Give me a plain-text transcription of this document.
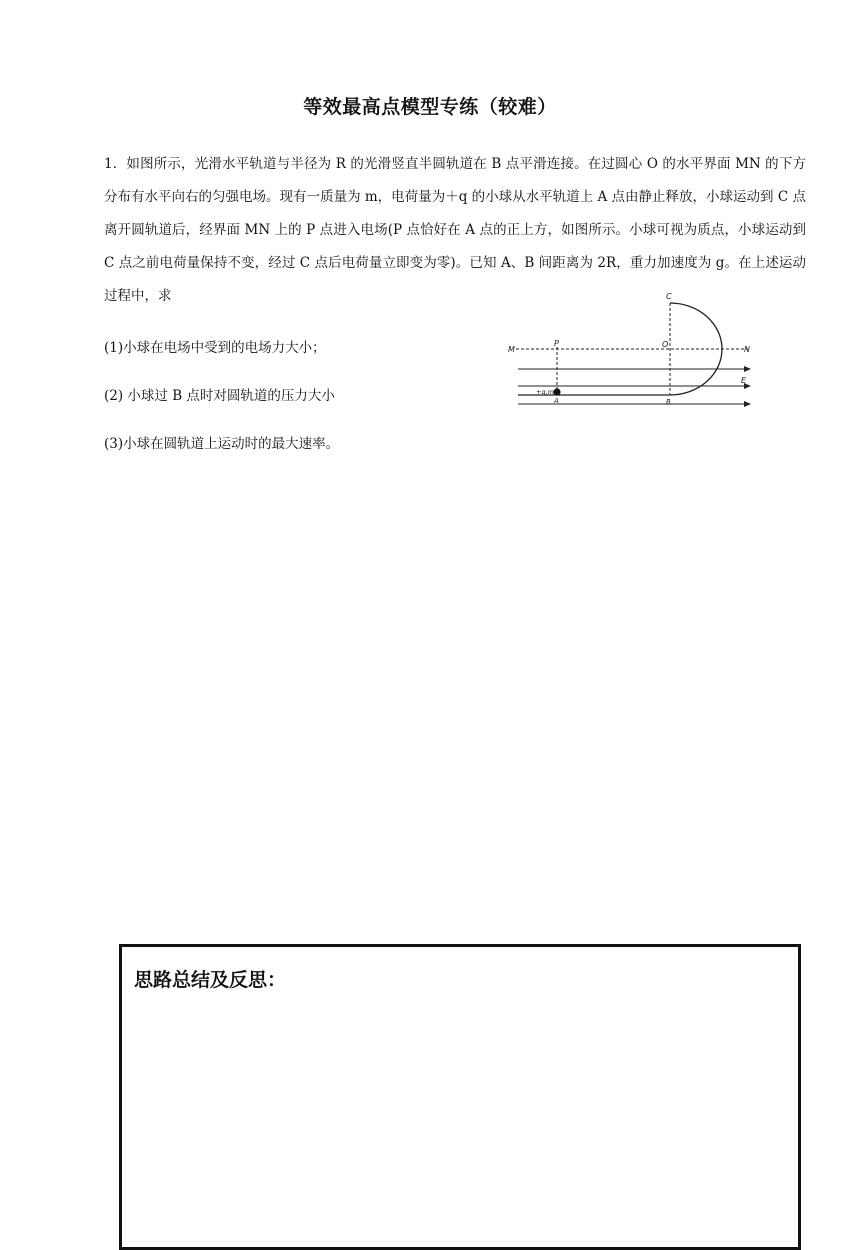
等效最高点模型专练（较难）

1．如图所示，光滑水平轨道与半径为 R 的光滑竖直半圆轨道在 B 点平滑连接。在过圆心 O 的水平界面 MN 的下方分布有水平向右的匀强电场。现有一质量为 m，电荷量为＋q 的小球从水平轨道上 A 点由静止释放，小球运动到 C 点离开圆轨道后，经界面 MN 上的 P 点进入电场(P 点恰好在 A 点的正上方，如图所示。小球可视为质点，小球运动到 C 点之前电荷量保持不变，经过 C 点后电荷量立即变为零)。已知 A、B 间距离为 2R，重力加速度为 g。在上述运动过程中，求

(1)小球在电场中受到的电场力大小；
(2) 小球过 B 点时对圆轨道的压力大小
(3)小球在圆轨道上运动时的最大速率。
C
M
P	O
N
E
+q,m
A	B
思路总结及反思：
